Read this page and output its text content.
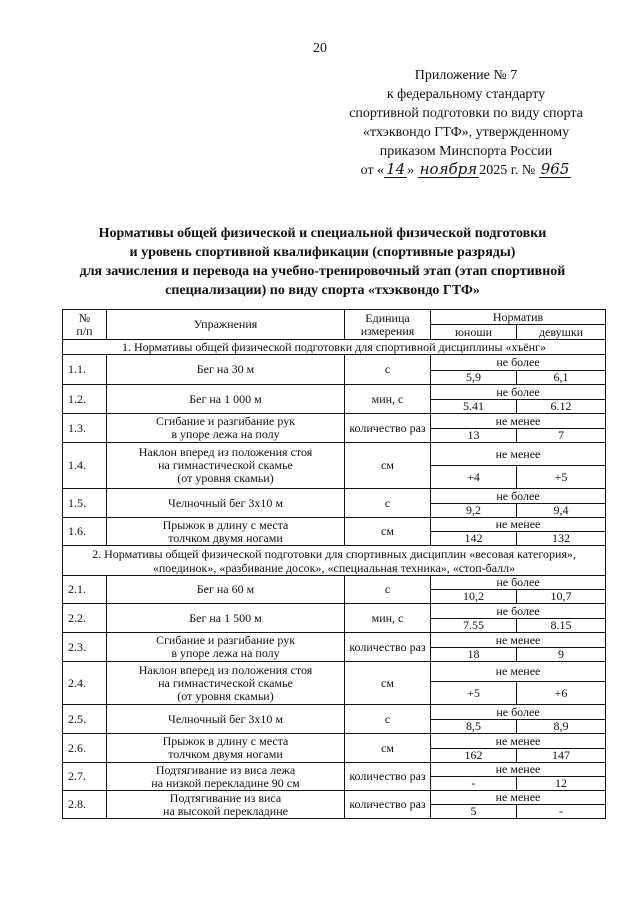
20
Приложение № 7
к федеральному стандарту
спортивной подготовки по виду спорта
«тхэквондо ГТФ», утвержденному
приказом Минспорта России
от « 14 » ноября 2025 г. № 965
Нормативы общей физической и специальной физической подготовки
и уровень спортивной квалификации (спортивные разряды)
для зачисления и перевода на учебно-тренировочный этап (этап спортивной
специализации) по виду спорта «тхэквондо ГТФ»
№
п/п	Упражнения	Единица
измерения	Норматив	
			юноши	девушки

1. Нормативы общей физической подготовки для спортивной дисциплины «хъёнг»				

1.1.	Бег на 30 м	с	не более	
			5,9	6,1
1.2.	Бег на 1 000 м	мин, с	не более	
			5.41	6.12
1.3.	Сгибание и разгибание рук
в упоре лежа на полу	количество раз	не менее	
			13	7
1.4.	Наклон вперед из положения стоя
на гимнастической скамье
(от уровня скамьи)	см	не менее	
			+4	+5
1.5.	Челночный бег 3x10 м	с	не более	
			9,2	9,4
1.6.	Прыжок в длину с места
толчком двумя ногами	см	не менее	
			142	132

2. Нормативы общей физической подготовки для спортивных дисциплин «весовая категория»,
«поединок», «разбивание досок», «специальная техника», «стоп-балл»				

2.1.	Бег на 60 м	с	не более	
			10,2	10,7
2.2.	Бег на 1 500 м	мин, с	не более	
			7.55	8.15
2.3.	Сгибание и разгибание рук
в упоре лежа на полу	количество раз	не менее	
			18	9
2.4.	Наклон вперед из положения стоя
на гимнастической скамье
(от уровня скамьи)	см	не менее	
			+5	+6
2.5.	Челночный бег 3x10 м	с	не более	
			8,5	8,9
2.6.	Прыжок в длину с места
толчком двумя ногами	см	не менее	
			162	147
2.7.	Подтягивание из виса лежа
на низкой перекладине 90 см	количество раз	не менее	
			-	12
2.8.	Подтягивание из виса
на высокой перекладине	количество раз	не менее	
			5	-
